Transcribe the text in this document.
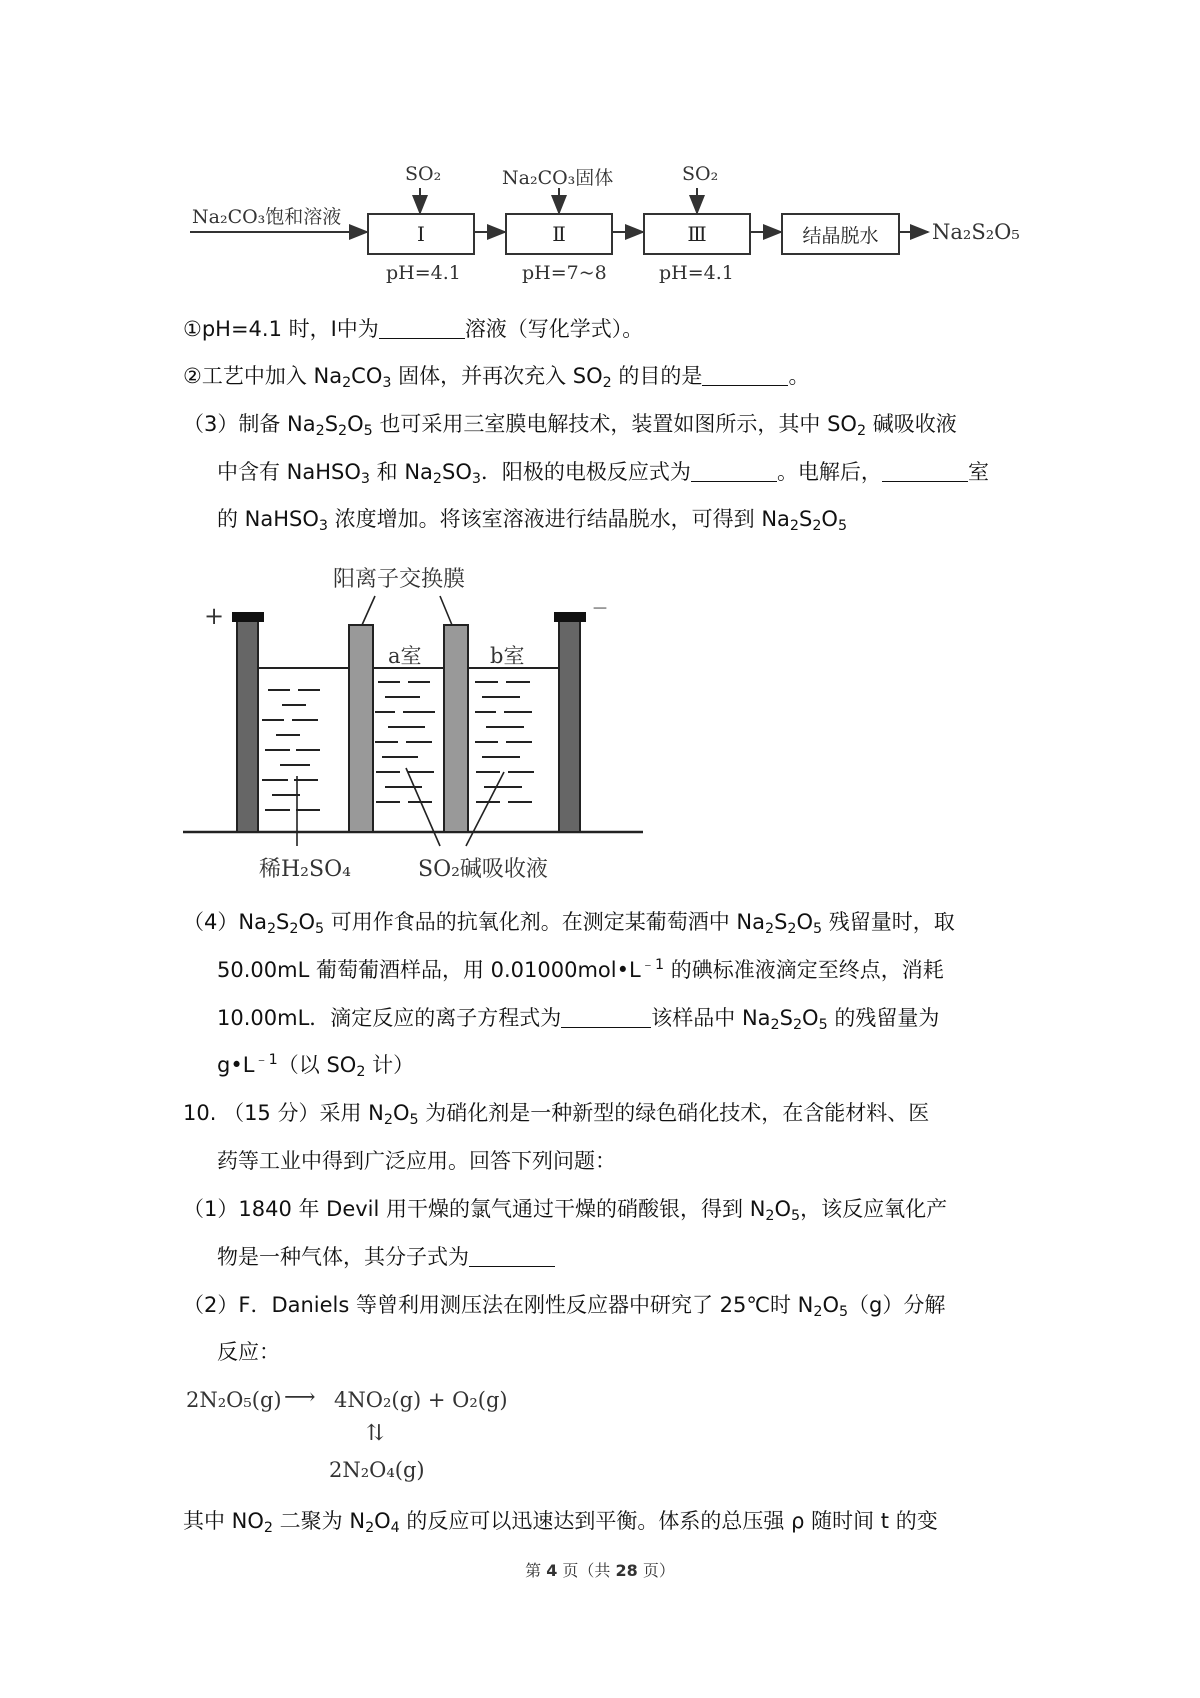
Na₂CO₃饱和溶液
SO₂
Ⅰ
pH=4.1
Na₂CO₃固体
Ⅱ
pH=7~8
SO₂
Ⅲ
pH=4.1
结晶脱水	Na₂S₂O₅
①pH=4.1 时，Ⅰ中为	溶液（写化学式）。
②工艺中加入 $Na_2CO_3$ 固体，并再次充入 $SO_2$ 的目的是	。
（3）制备 $Na_2S_2O_5$ 也可采用三室膜电解技术，装置如图所示，其中 $SO_2$ 碱吸收液
中含有 NaHSO$_3$ 和 $Na_2SO_3$．阳极的电极反应式为	。电解后，	室
的 NaHSO$_3$ 浓度增加。将该室溶液进行结晶脱水，可得到 $Na_2S_2O_5$
阳离子交换膜
+	—
a室	b室
稀H₂SO₄	SO₂碱吸收液
$(4)Na_2S_2O_5$ 可用作食品的抗氧化剂。在测定某葡萄酒中 $Na_2S_2O_5$ 残留量时，取
50.00mL 葡萄葡酒样品，用 $0.01000mol•L^{﹣1}$ 的碘标准液滴定至终点，消耗
10.00mL．滴定反应的离子方程式为	该样品中 $Na_2S_2O_5$ 的残留量为
$g•L^{﹣1}$（以 $SO_2$ 计）
10. （15 分）采用 $N_2O_5$ 为硝化剂是一种新型的绿色硝化技术，在含能材料、医
药等工业中得到广泛应用。回答下列问题：
（1）1840 年 Devil 用干燥的氯气通过干燥的硝酸银，得到 $N_2O_5$，该反应氧化产
物是一种气体，其分子式为
（2）F．Daniels 等曾利用测压法在刚性反应器中研究了 25℃时 $N_2O_5(g)$分解
反应：
2N₂O₅(g) ⟶ 4NO₂(g) + O₂(g)
⇅
2N₂O₄(g)
其中 $NO_2$ 二聚为 $N_2O_4$ 的反应可以迅速达到平衡。体系的总压强 ρ 随时间 t 的变
第 4 页（共 28 页）
